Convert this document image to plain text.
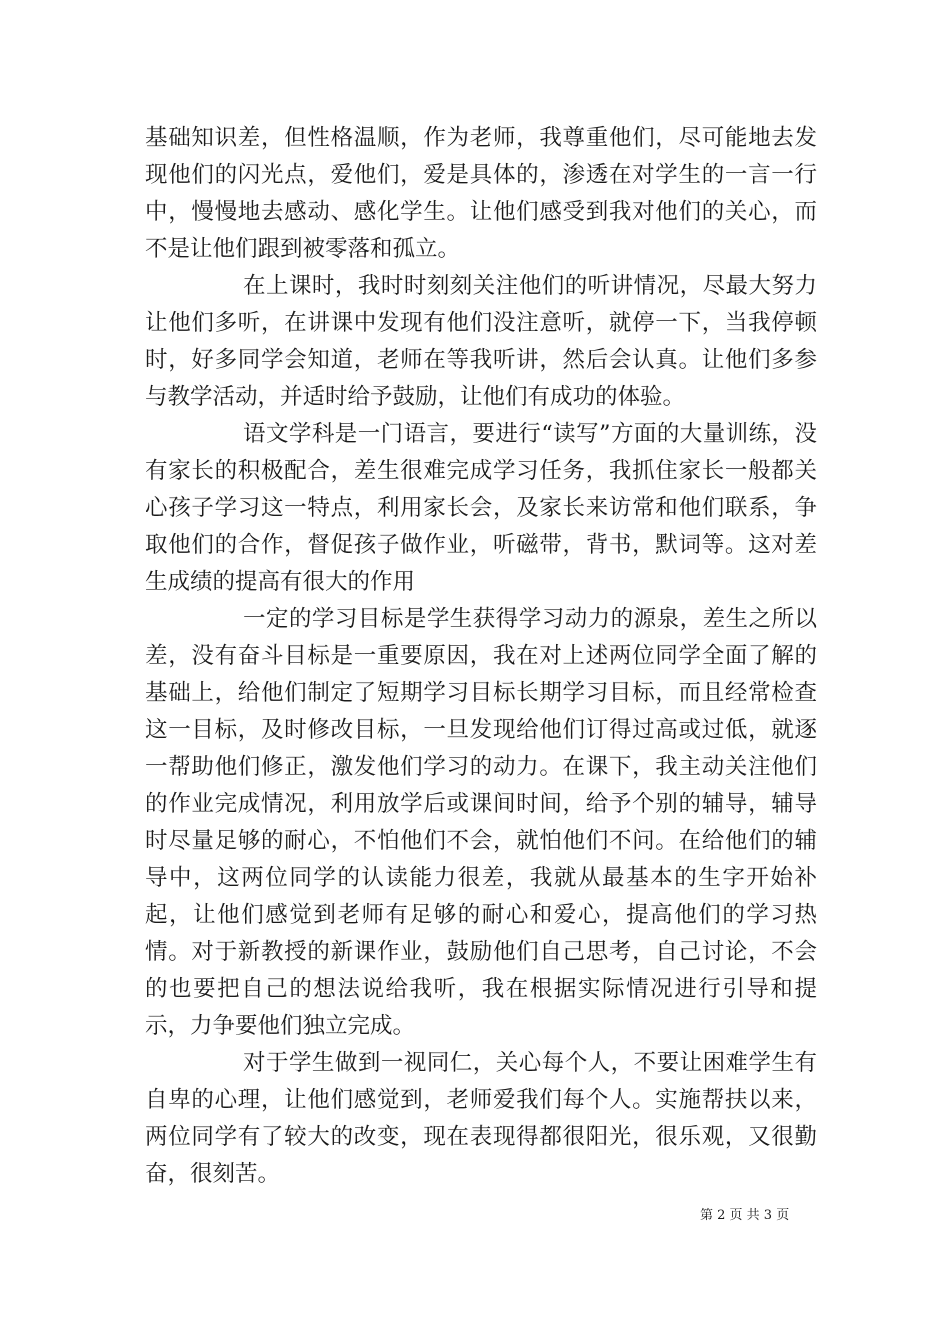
基础知识差，但性格温顺，作为老师，我尊重他们，尽可能地去发现他们的闪光点，爱他们，爱是具体的，渗透在对学生的一言一行中，慢慢地去感动、感化学生。让他们感受到我对他们的关心，而不是让他们跟到被零落和孤立。

在上课时，我时时刻刻关注他们的听讲情况，尽最大努力让他们多听，在讲课中发现有他们没注意听，就停一下，当我停顿时，好多同学会知道，老师在等我听讲，然后会认真。让他们多参与教学活动，并适时给予鼓励，让他们有成功的体验。

语文学科是一门语言，要进行“读写”方面的大量训练，没有家长的积极配合，差生很难完成学习任务，我抓住家长一般都关心孩子学习这一特点，利用家长会，及家长来访常和他们联系，争取他们的合作，督促孩子做作业，听磁带，背书，默词等。这对差生成绩的提高有很大的作用

一定的学习目标是学生获得学习动力的源泉，差生之所以差，没有奋斗目标是一重要原因，我在对上述两位同学全面了解的基础上，给他们制定了短期学习目标长期学习目标，而且经常检查这一目标，及时修改目标，一旦发现给他们订得过高或过低，就逐一帮助他们修正，激发他们学习的动力。在课下，我主动关注他们的作业完成情况，利用放学后或课间时间，给予个别的辅导，辅导时尽量足够的耐心，不怕他们不会，就怕他们不问。在给他们的辅导中，这两位同学的认读能力很差，我就从最基本的生字开始补起，让他们感觉到老师有足够的耐心和爱心，提高他们的学习热情。对于新教授的新课作业，鼓励他们自己思考，自己讨论，不会的也要把自己的想法说给我听，我在根据实际情况进行引导和提示，力争要他们独立完成。

对于学生做到一视同仁，关心每个人，不要让困难学生有自卑的心理，让他们感觉到，老师爱我们每个人。实施帮扶以来，两位同学有了较大的改变，现在表现得都很阳光，很乐观，又很勤奋，很刻苦。

第 2 页 共 3 页
